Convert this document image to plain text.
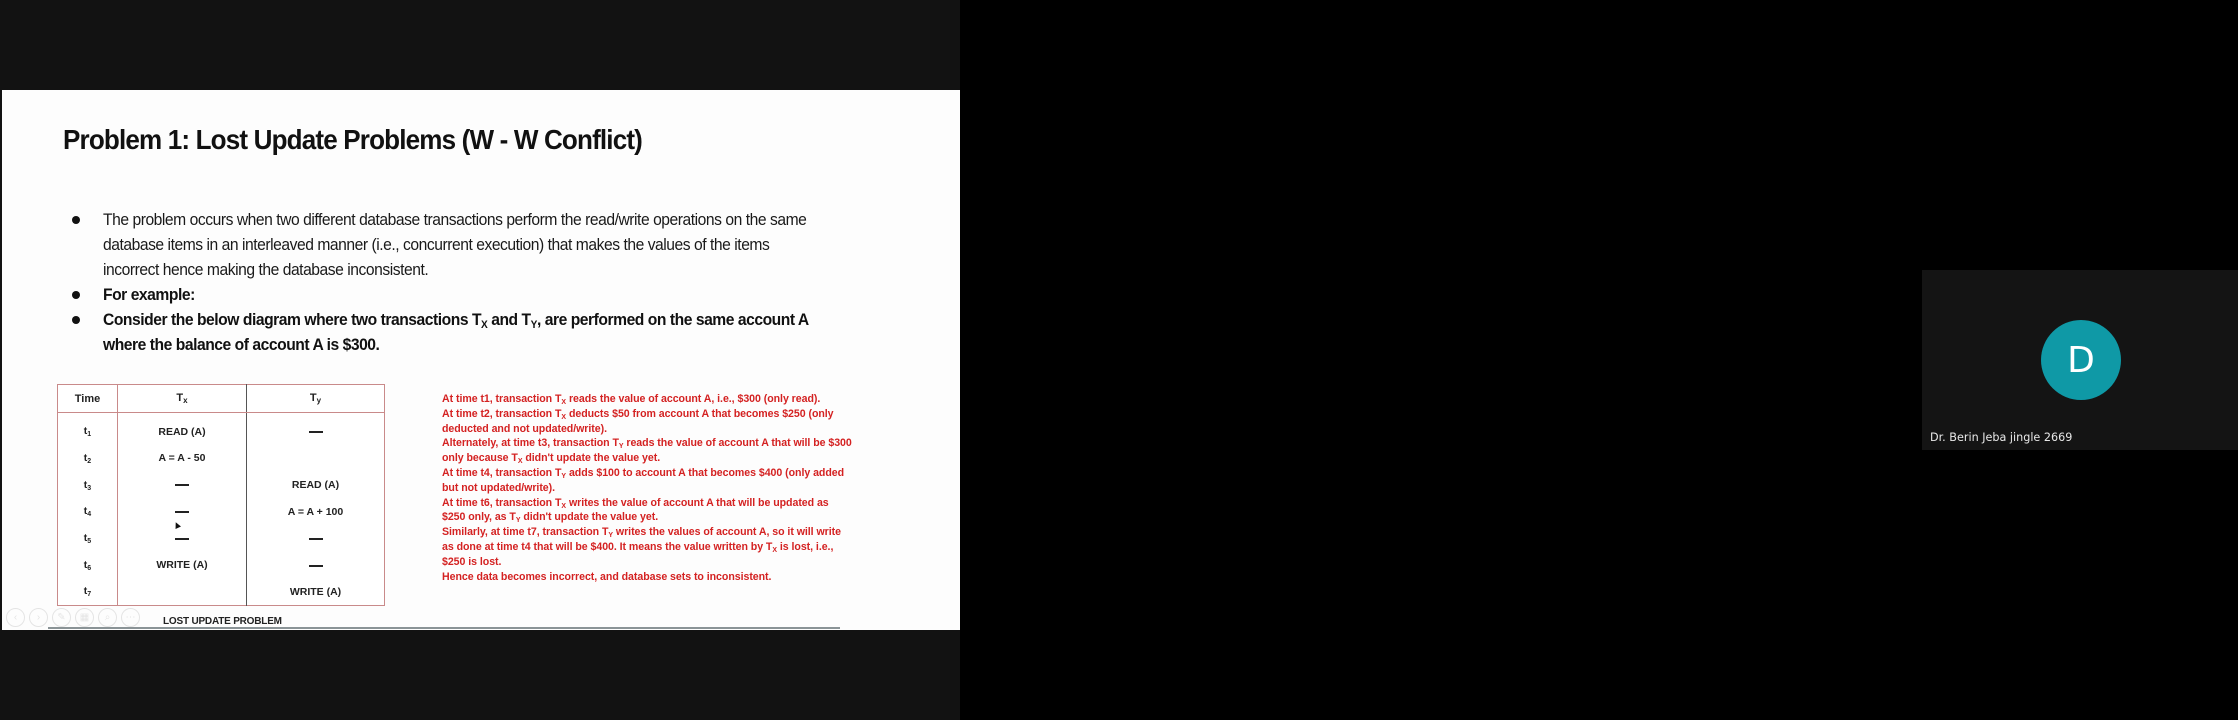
Problem 1: Lost Update Problems (W - W Conflict)
The problem occurs when two different database transactions perform the read/write operations on the same database items in an interleaved manner (i.e., concurrent execution) that makes the values of the items incorrect hence making the database inconsistent.
For example:
Consider the below diagram where two transactions $T_X$ and $T_Y$, are performed on the same account A where the balance of account A is $300.
Time	Tx	Ty
t1	READ (A)	
t2	A = A - 50	
t3		READ (A)
t4		A = A + 100
t5		
t6	WRITE (A)	
t7		WRITE (A)

At time t1, transaction $T_X$ reads the value of account A, i.e., $300 (only read).

At time t2, transaction $T_X$ deducts $50 from account A that becomes $250 (only deducted and not updated/write).

Alternately, at time t3, transaction $T_Y$ reads the value of account A that will be $300 only because $T_X$ didn't update the value yet.

At time t4, transaction $T_Y$ adds $100 to account A that becomes $400 (only added but not updated/write).

At time t6, transaction $T_X$ writes the value of account A that will be updated as $250 only, as $T_Y$ didn't update the value yet.

Similarly, at time t7, transaction $T_Y$ writes the values of account A, so it will write as done at time t4 that will be $400. It means the value written by $T_X$ is lost, i.e., $250 is lost.

Hence data becomes incorrect, and database sets to inconsistent.

LOST UPDATE PROBLEM
‹	›	✎	▦	⌕	⋯
D
Dr. Berin Jeba jingle 2669
